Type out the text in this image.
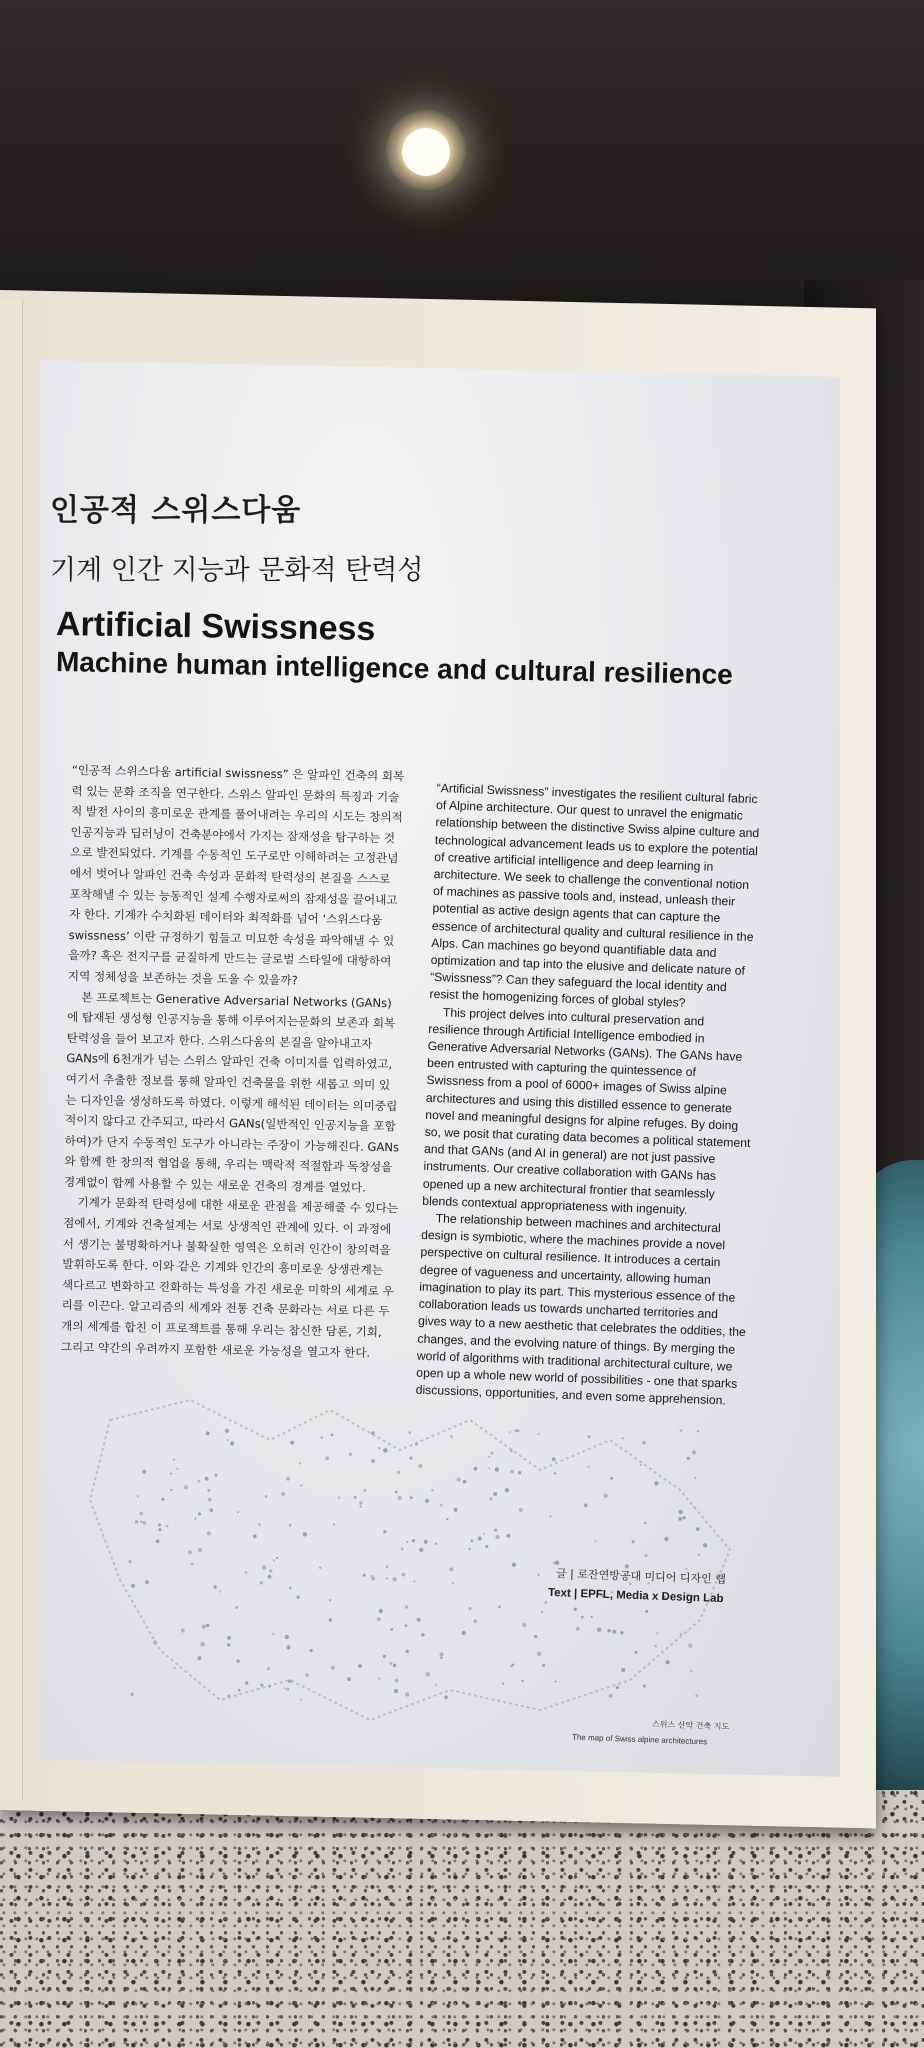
인공적 스위스다움
기계 인간 지능과 문화적 탄력성
Artificial Swissness
Machine human intelligence and cultural resilience

“인공적 스위스다움 artificial swissness” 은 알파인 건축의 회복력 있는 문화 조직을 연구한다. 스위스 알파인 문화의 특징과 기술적 발전 사이의 흥미로운 관계를 풀어내려는 우리의 시도는 창의적 인공지능과 딥러닝이 건축분야에서 가지는 잠재성을 탐구하는 것으로 발전되었다. 기계를 수동적인 도구로만 이해하려는 고정관념에서 벗어나 알파인 건축 속성과 문화적 탄력성의 본질을 스스로 포착해낼 수 있는 능동적인 설계 수행자로써의 잠재성을 끌어내고자 한다. 기계가 수치화된 데이터와 최적화를 넘어 ‘스위스다움 swissness’ 이란 규정하기 힘들고 미묘한 속성을 파악해낼 수 있을까? 혹은 전지구를 균질하게 만드는 글로벌 스타일에 대항하여 지역 정체성을 보존하는 것을 도울 수 있을까?

본 프로젝트는 Generative Adversarial Networks (GANs)에 탑재된 생성형 인공지능을 통해 이루어지는문화의 보존과 회복탄력성을 들어 보고자 한다. 스위스다움의 본질을 알아내고자 GANs에 6천개가 넘는 스위스 알파인 건축 이미지를 입력하였고, 여기서 추출한 정보를 통해 알파인 건축물을 위한 새롭고 의미 있는 디자인을 생성하도록 하였다. 이렇게 해석된 데이터는 의미중립적이지 않다고 간주되고, 따라서 GANs(일반적인 인공지능을 포함하여)가 단지 수동적인 도구가 아니라는 주장이 가능해진다. GANs와 함께 한 창의적 협업을 통해, 우리는 맥락적 적절함과 독창성을 경계없이 합께 사용할 수 있는 새로운 건축의 경계를 열었다.

기계가 문화적 탄력성에 대한 새로운 관점을 제공해줄 수 있다는 점에서, 기계와 건축설계는 서로 상생적인 관계에 있다. 이 과정에서 생기는 불명확하거나 불확실한 영역은 오히려 인간이 창의력을 발휘하도록 한다. 이와 같은 기계와 인간의 흥미로운 상생관계는 색다르고 변화하고 진화하는 특성을 가진 새로운 미학의 세계로 우리를 이끈다. 알고리즘의 세계와 전통 건축 문화라는 서로 다른 두개의 세계를 합친 이 프로젝트를 통해 우리는 참신한 담론, 기회, 그리고 약간의 우려까지 포함한 새로운 가능성을 열고자 한다.

“Artificial Swissness” investigates the resilient cultural fabric of Alpine architecture. Our quest to unravel the enigmatic relationship between the distinctive Swiss alpine culture and technological advancement leads us to explore the potential of creative artificial intelligence and deep learning in architecture. We seek to challenge the conventional notion of machines as passive tools and, instead, unleash their potential as active design agents that can capture the essence of architectural quality and cultural resilience in the Alps. Can machines go beyond quantifiable data and optimization and tap into the elusive and delicate nature of “Swissness”? Can they safeguard the local identity and resist the homogenizing forces of global styles?

This project delves into cultural preservation and resilience through Artificial Intelligence embodied in Generative Adversarial Networks (GANs). The GANs have been entrusted with capturing the quintessence of Swissness from a pool of 6000+ images of Swiss alpine architectures and using this distilled essence to generate novel and meaningful designs for alpine refuges. By doing so, we posit that curating data becomes a political statement and that GANs (and AI in general) are not just passive instruments. Our creative collaboration with GANs has opened up a new architectural frontier that seamlessly blends contextual appropriateness with ingenuity.

The relationship between machines and architectural design is symbiotic, where the machines provide a novel perspective on cultural resilience. It introduces a certain degree of vagueness and uncertainty, allowing human imagination to play its part. This mysterious essence of the collaboration leads us towards uncharted territories and gives way to a new aesthetic that celebrates the oddities, the changes, and the evolving nature of things. By merging the world of algorithms with traditional architectural culture, we open up a whole new world of possibilities - one that sparks discussions, opportunities, and even some apprehension.

글 | 로잔연방공대 미디어 디자인 랩
Text | EPFL, Media x Design Lab
스위스 산악 건축 지도
The map of Swiss alpine architectures
